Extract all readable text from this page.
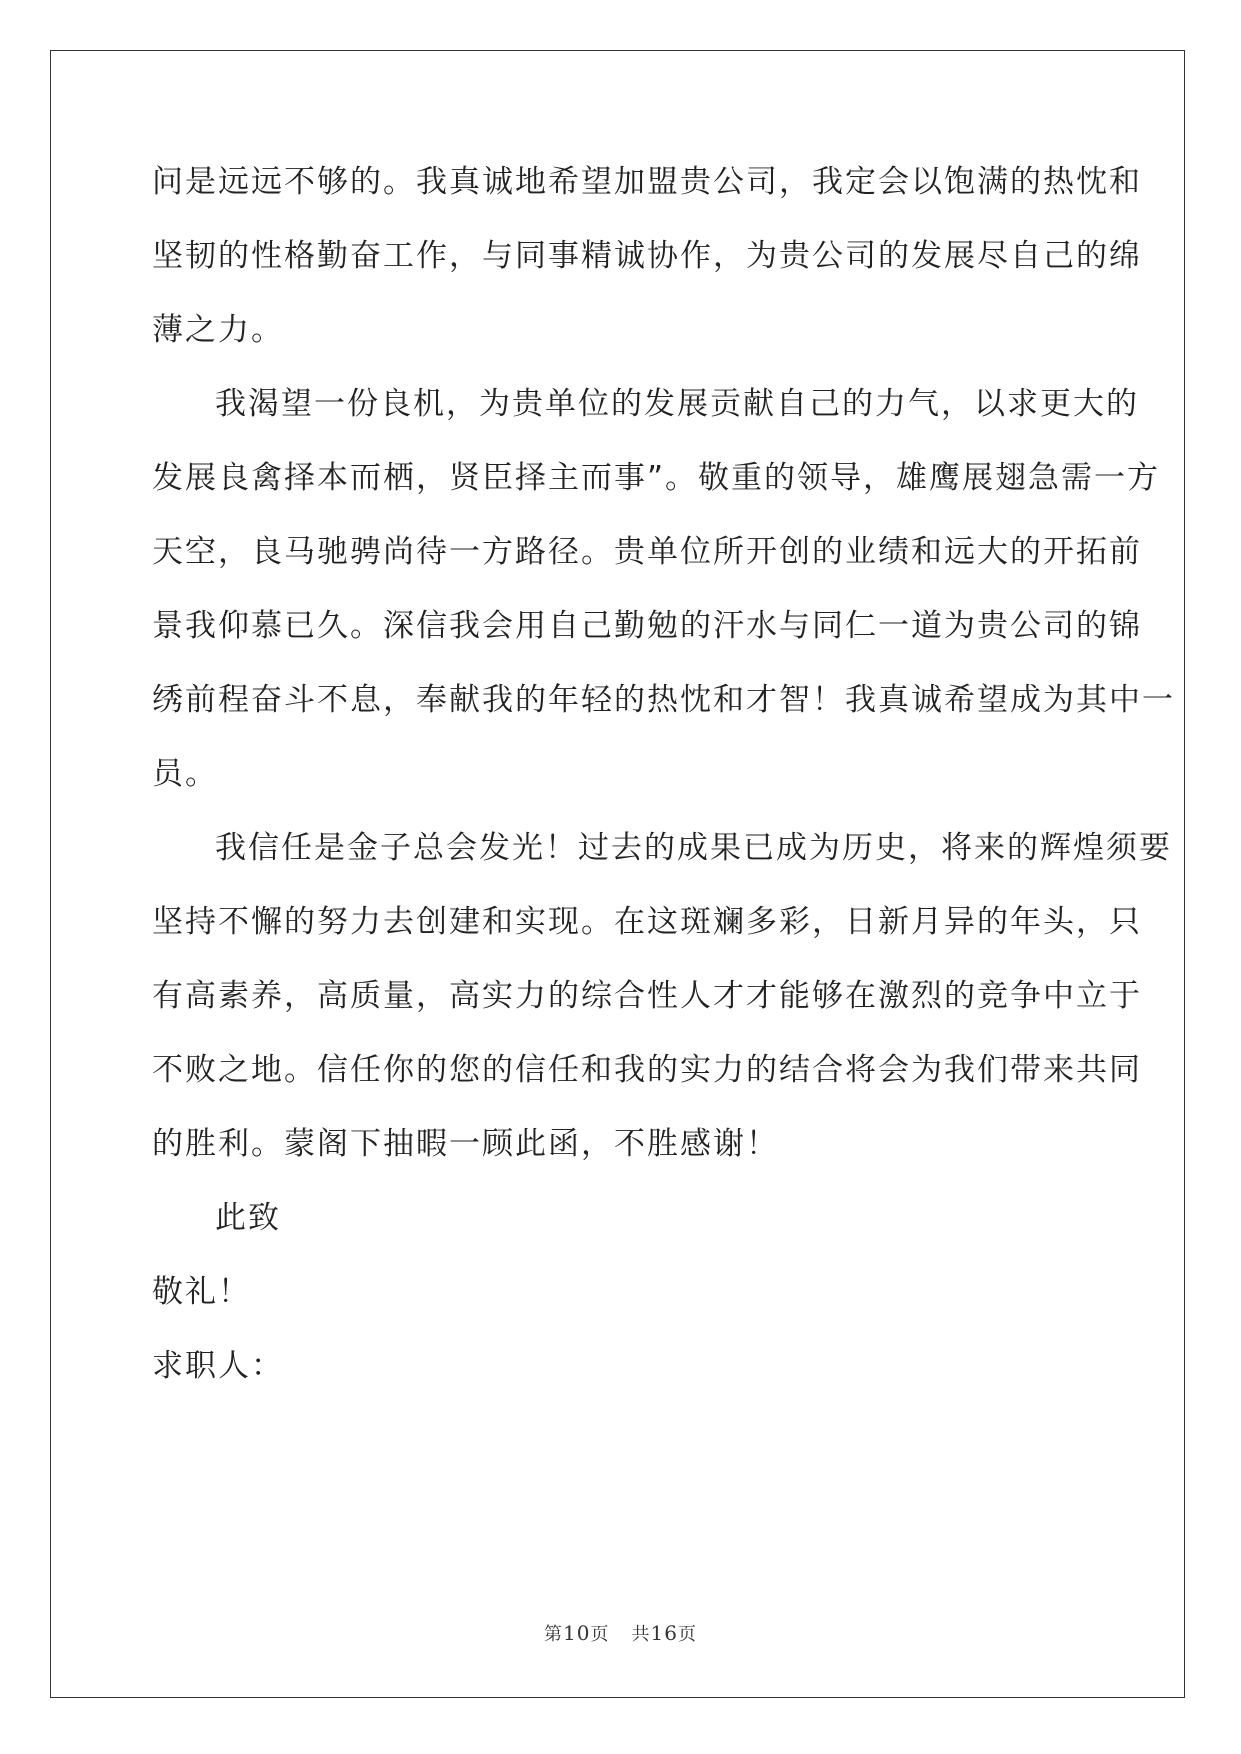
问是远远不够的。我真诚地希望加盟贵公司，我定会以饱满的热忱和
坚韧的性格勤奋工作，与同事精诚协作，为贵公司的发展尽自己的绵
薄之力。
我渴望一份良机，为贵单位的发展贡献自己的力气，以求更大的
发展良禽择本而栖，贤臣择主而事”。敬重的领导，雄鹰展翅急需一方
天空，良马驰骋尚待一方路径。贵单位所开创的业绩和远大的开拓前
景我仰慕已久。深信我会用自己勤勉的汗水与同仁一道为贵公司的锦
绣前程奋斗不息，奉献我的年轻的热忱和才智！我真诚希望成为其中一
员。
我信任是金子总会发光！过去的成果已成为历史，将来的辉煌须要
坚持不懈的努力去创建和实现。在这斑斓多彩，日新月异的年头，只
有高素养，高质量，高实力的综合性人才才能够在激烈的竞争中立于
不败之地。信任你的您的信任和我的实力的结合将会为我们带来共同
的胜利。蒙阁下抽暇一顾此函，不胜感谢！
此致
敬礼！
求职人：
第10页 共16页
